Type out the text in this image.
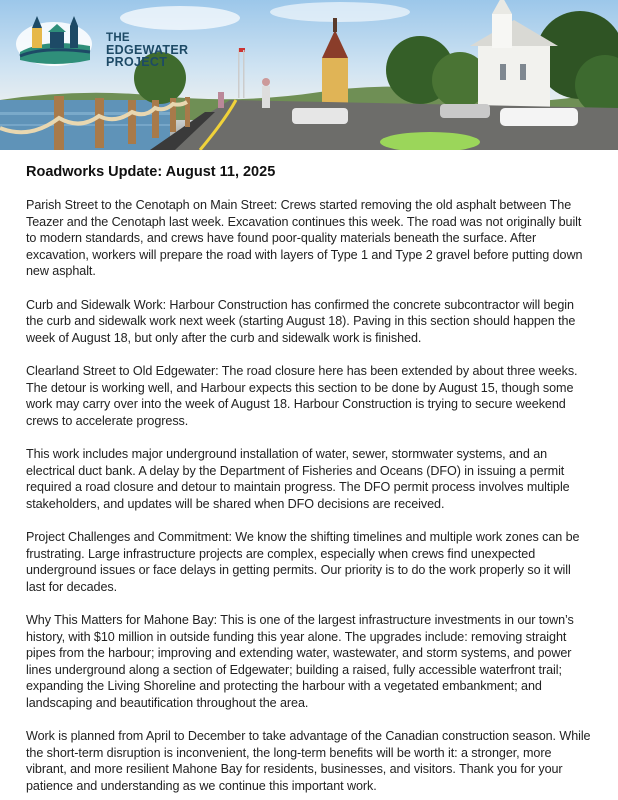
THE
EDGEWATER
PROJECT
Roadworks Update: August 11, 2025

Parish Street to the Cenotaph on Main Street: Crews started removing the old asphalt between The Teazer and the Cenotaph last week. Excavation continues this week. The road was not originally built to modern standards, and crews have found poor-quality materials beneath the surface. After excavation, workers will prepare the road with layers of Type 1 and Type 2 gravel before putting down new asphalt.

Curb and Sidewalk Work: Harbour Construction has confirmed the concrete subcontractor will begin the curb and sidewalk work next week (starting August 18). Paving in this section should happen the week of August 18, but only after the curb and sidewalk work is finished.

Clearland Street to Old Edgewater: The road closure here has been extended by about three weeks. The detour is working well, and Harbour expects this section to be done by August 15, though some work may carry over into the week of August 18. Harbour Construction is trying to secure weekend crews to accelerate progress.

This work includes major underground installation of water, sewer, stormwater systems, and an electrical duct bank. A delay by the Department of Fisheries and Oceans (DFO) in issuing a permit required a road closure and detour to maintain progress. The DFO permit process involves multiple stakeholders, and updates will be shared when DFO decisions are received.

Project Challenges and Commitment: We know the shifting timelines and multiple work zones can be frustrating. Large infrastructure projects are complex, especially when crews find unexpected underground issues or face delays in getting permits. Our priority is to do the work properly so it will last for decades.

Why This Matters for Mahone Bay: This is one of the largest infrastructure investments in our town’s history, with $10 million in outside funding this year alone. The upgrades include: removing straight pipes from the harbour; improving and extending water, wastewater, and storm systems, and power lines underground along a section of Edgewater; building a raised, fully accessible waterfront trail; expanding the Living Shoreline and protecting the harbour with a vegetated embankment; and landscaping and beautification throughout the area.

Work is planned from April to December to take advantage of the Canadian construction season. While the short-term disruption is inconvenient, the long-term benefits will be worth it: a stronger, more vibrant, and more resilient Mahone Bay for residents, businesses, and visitors. Thank you for your patience and understanding as we continue this important work.
